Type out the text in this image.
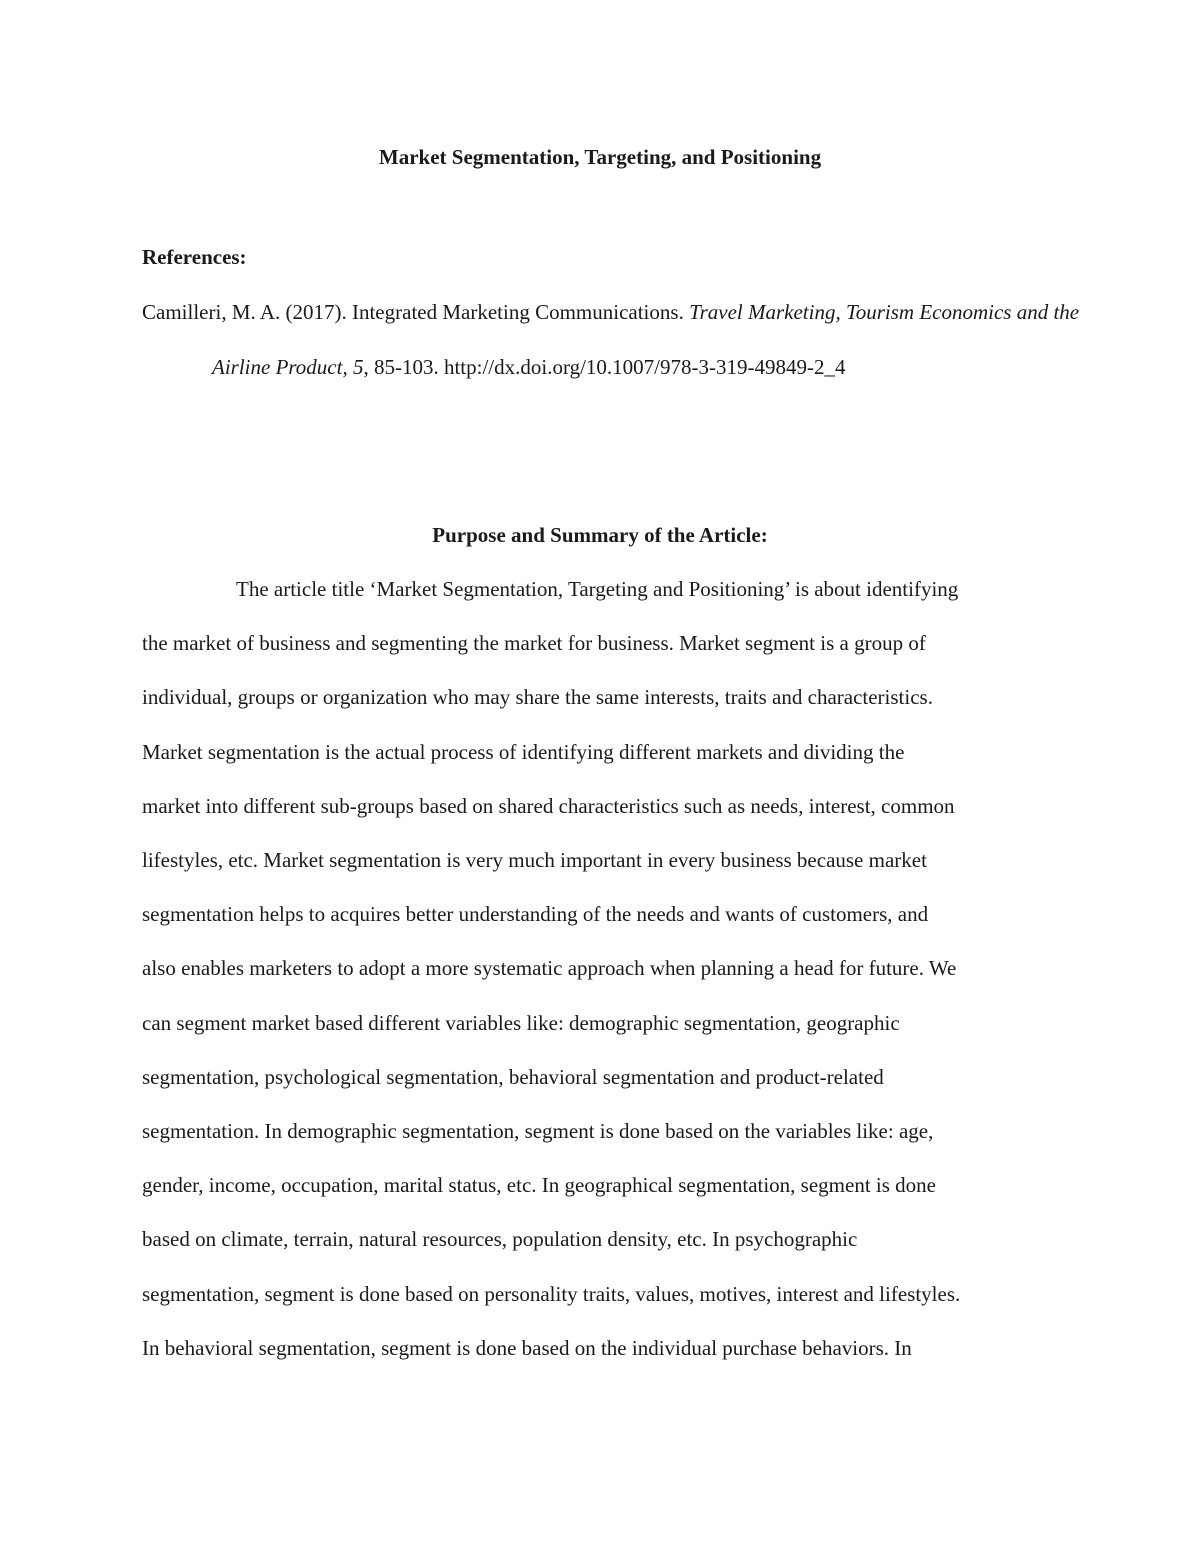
Market Segmentation, Targeting, and Positioning
References:

Camilleri, M. A. (2017). Integrated Marketing Communications. Travel Marketing, Tourism Economics and the Airline Product, 5, 85-103. http://dx.doi.org/10.1007/978-3-319-49849-2_4

Purpose and Summary of the Article:
The article title ‘Market Segmentation, Targeting and Positioning’ is about identifying
the market of business and segmenting the market for business. Market segment is a group of
individual, groups or organization who may share the same interests, traits and characteristics.
Market segmentation is the actual process of identifying different markets and dividing the
market into different sub-groups based on shared characteristics such as needs, interest, common
lifestyles, etc. Market segmentation is very much important in every business because market
segmentation helps to acquires better understanding of the needs and wants of customers, and
also enables marketers to adopt a more systematic approach when planning a head for future. We
can segment market based different variables like: demographic segmentation, geographic
segmentation, psychological segmentation, behavioral segmentation and product-related
segmentation. In demographic segmentation, segment is done based on the variables like: age,
gender, income, occupation, marital status, etc. In geographical segmentation, segment is done
based on climate, terrain, natural resources, population density, etc. In psychographic
segmentation, segment is done based on personality traits, values, motives, interest and lifestyles.
In behavioral segmentation, segment is done based on the individual purchase behaviors. In
